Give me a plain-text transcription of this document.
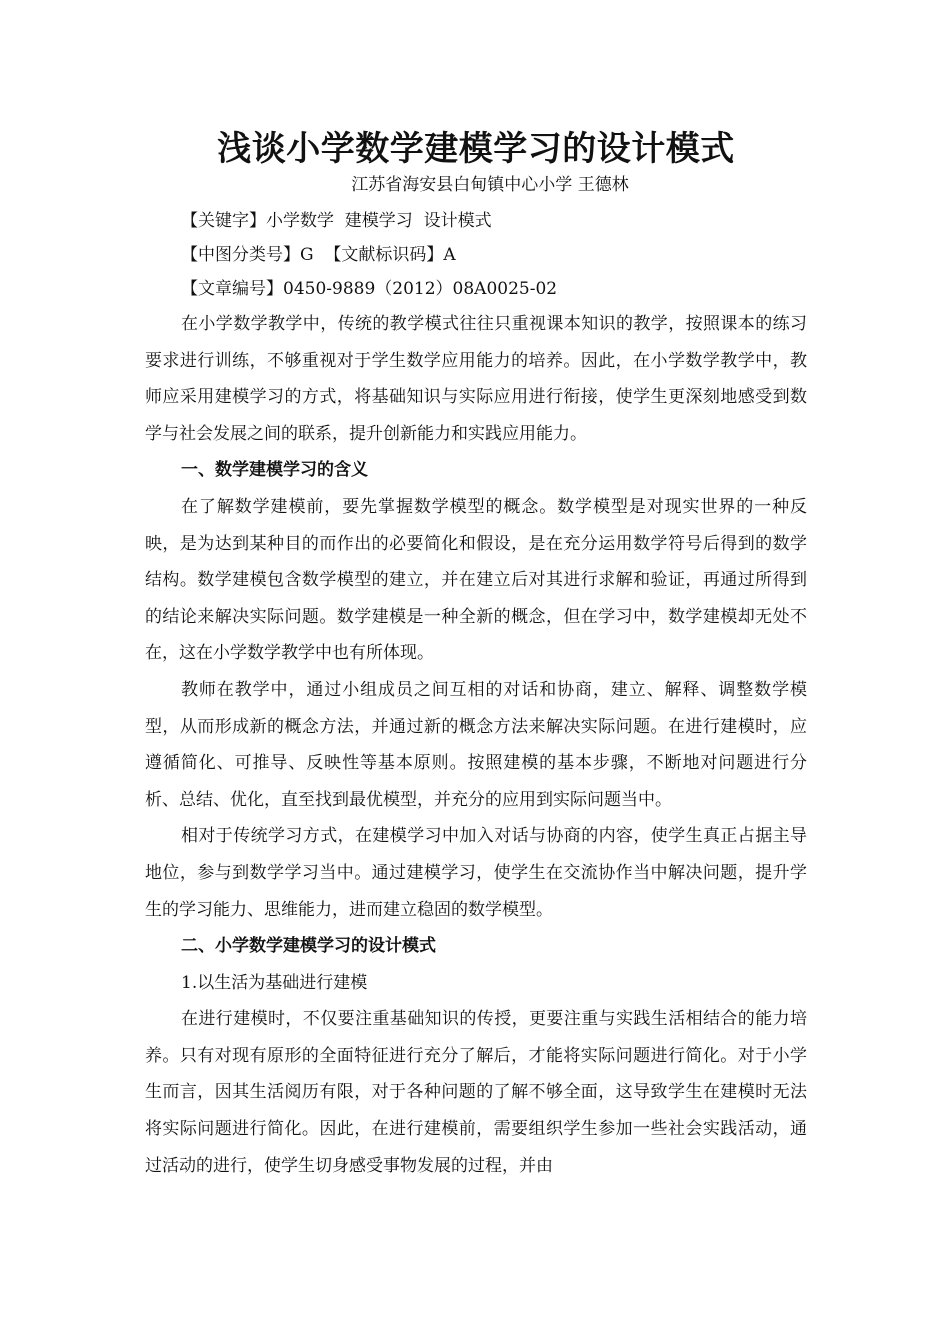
浅谈小学数学建模学习的设计模式

江苏省海安县白甸镇中心小学 王德林

【关键字】小学数学  建模学习  设计模式

【中图分类号】G  【文献标识码】A

【文章编号】0450-9889（2012）08A0025-02

在小学数学教学中，传统的教学模式往往只重视课本知识的教学，按照课本的练习要求进行训练，不够重视对于学生数学应用能力的培养。因此，在小学数学教学中，教师应采用建模学习的方式，将基础知识与实际应用进行衔接，使学生更深刻地感受到数学与社会发展之间的联系，提升创新能力和实践应用能力。

一、数学建模学习的含义

在了解数学建模前，要先掌握数学模型的概念。数学模型是对现实世界的一种反映，是为达到某种目的而作出的必要简化和假设，是在充分运用数学符号后得到的数学结构。数学建模包含数学模型的建立，并在建立后对其进行求解和验证，再通过所得到的结论来解决实际问题。数学建模是一种全新的概念，但在学习中，数学建模却无处不在，这在小学数学教学中也有所体现。

教师在教学中，通过小组成员之间互相的对话和协商，建立、解释、调整数学模型，从而形成新的概念方法，并通过新的概念方法来解决实际问题。在进行建模时，应遵循简化、可推导、反映性等基本原则。按照建模的基本步骤，不断地对问题进行分析、总结、优化，直至找到最优模型，并充分的应用到实际问题当中。

相对于传统学习方式，在建模学习中加入对话与协商的内容，使学生真正占据主导地位，参与到数学学习当中。通过建模学习，使学生在交流协作当中解决问题，提升学生的学习能力、思维能力，进而建立稳固的数学模型。

二、小学数学建模学习的设计模式

1.以生活为基础进行建模

在进行建模时，不仅要注重基础知识的传授，更要注重与实践生活相结合的能力培养。只有对现有原形的全面特征进行充分了解后，才能将实际问题进行简化。对于小学生而言，因其生活阅历有限，对于各种问题的了解不够全面，这导致学生在建模时无法将实际问题进行简化。因此，在进行建模前，需要组织学生参加一些社会实践活动，通过活动的进行，使学生切身感受事物发展的过程，并由
